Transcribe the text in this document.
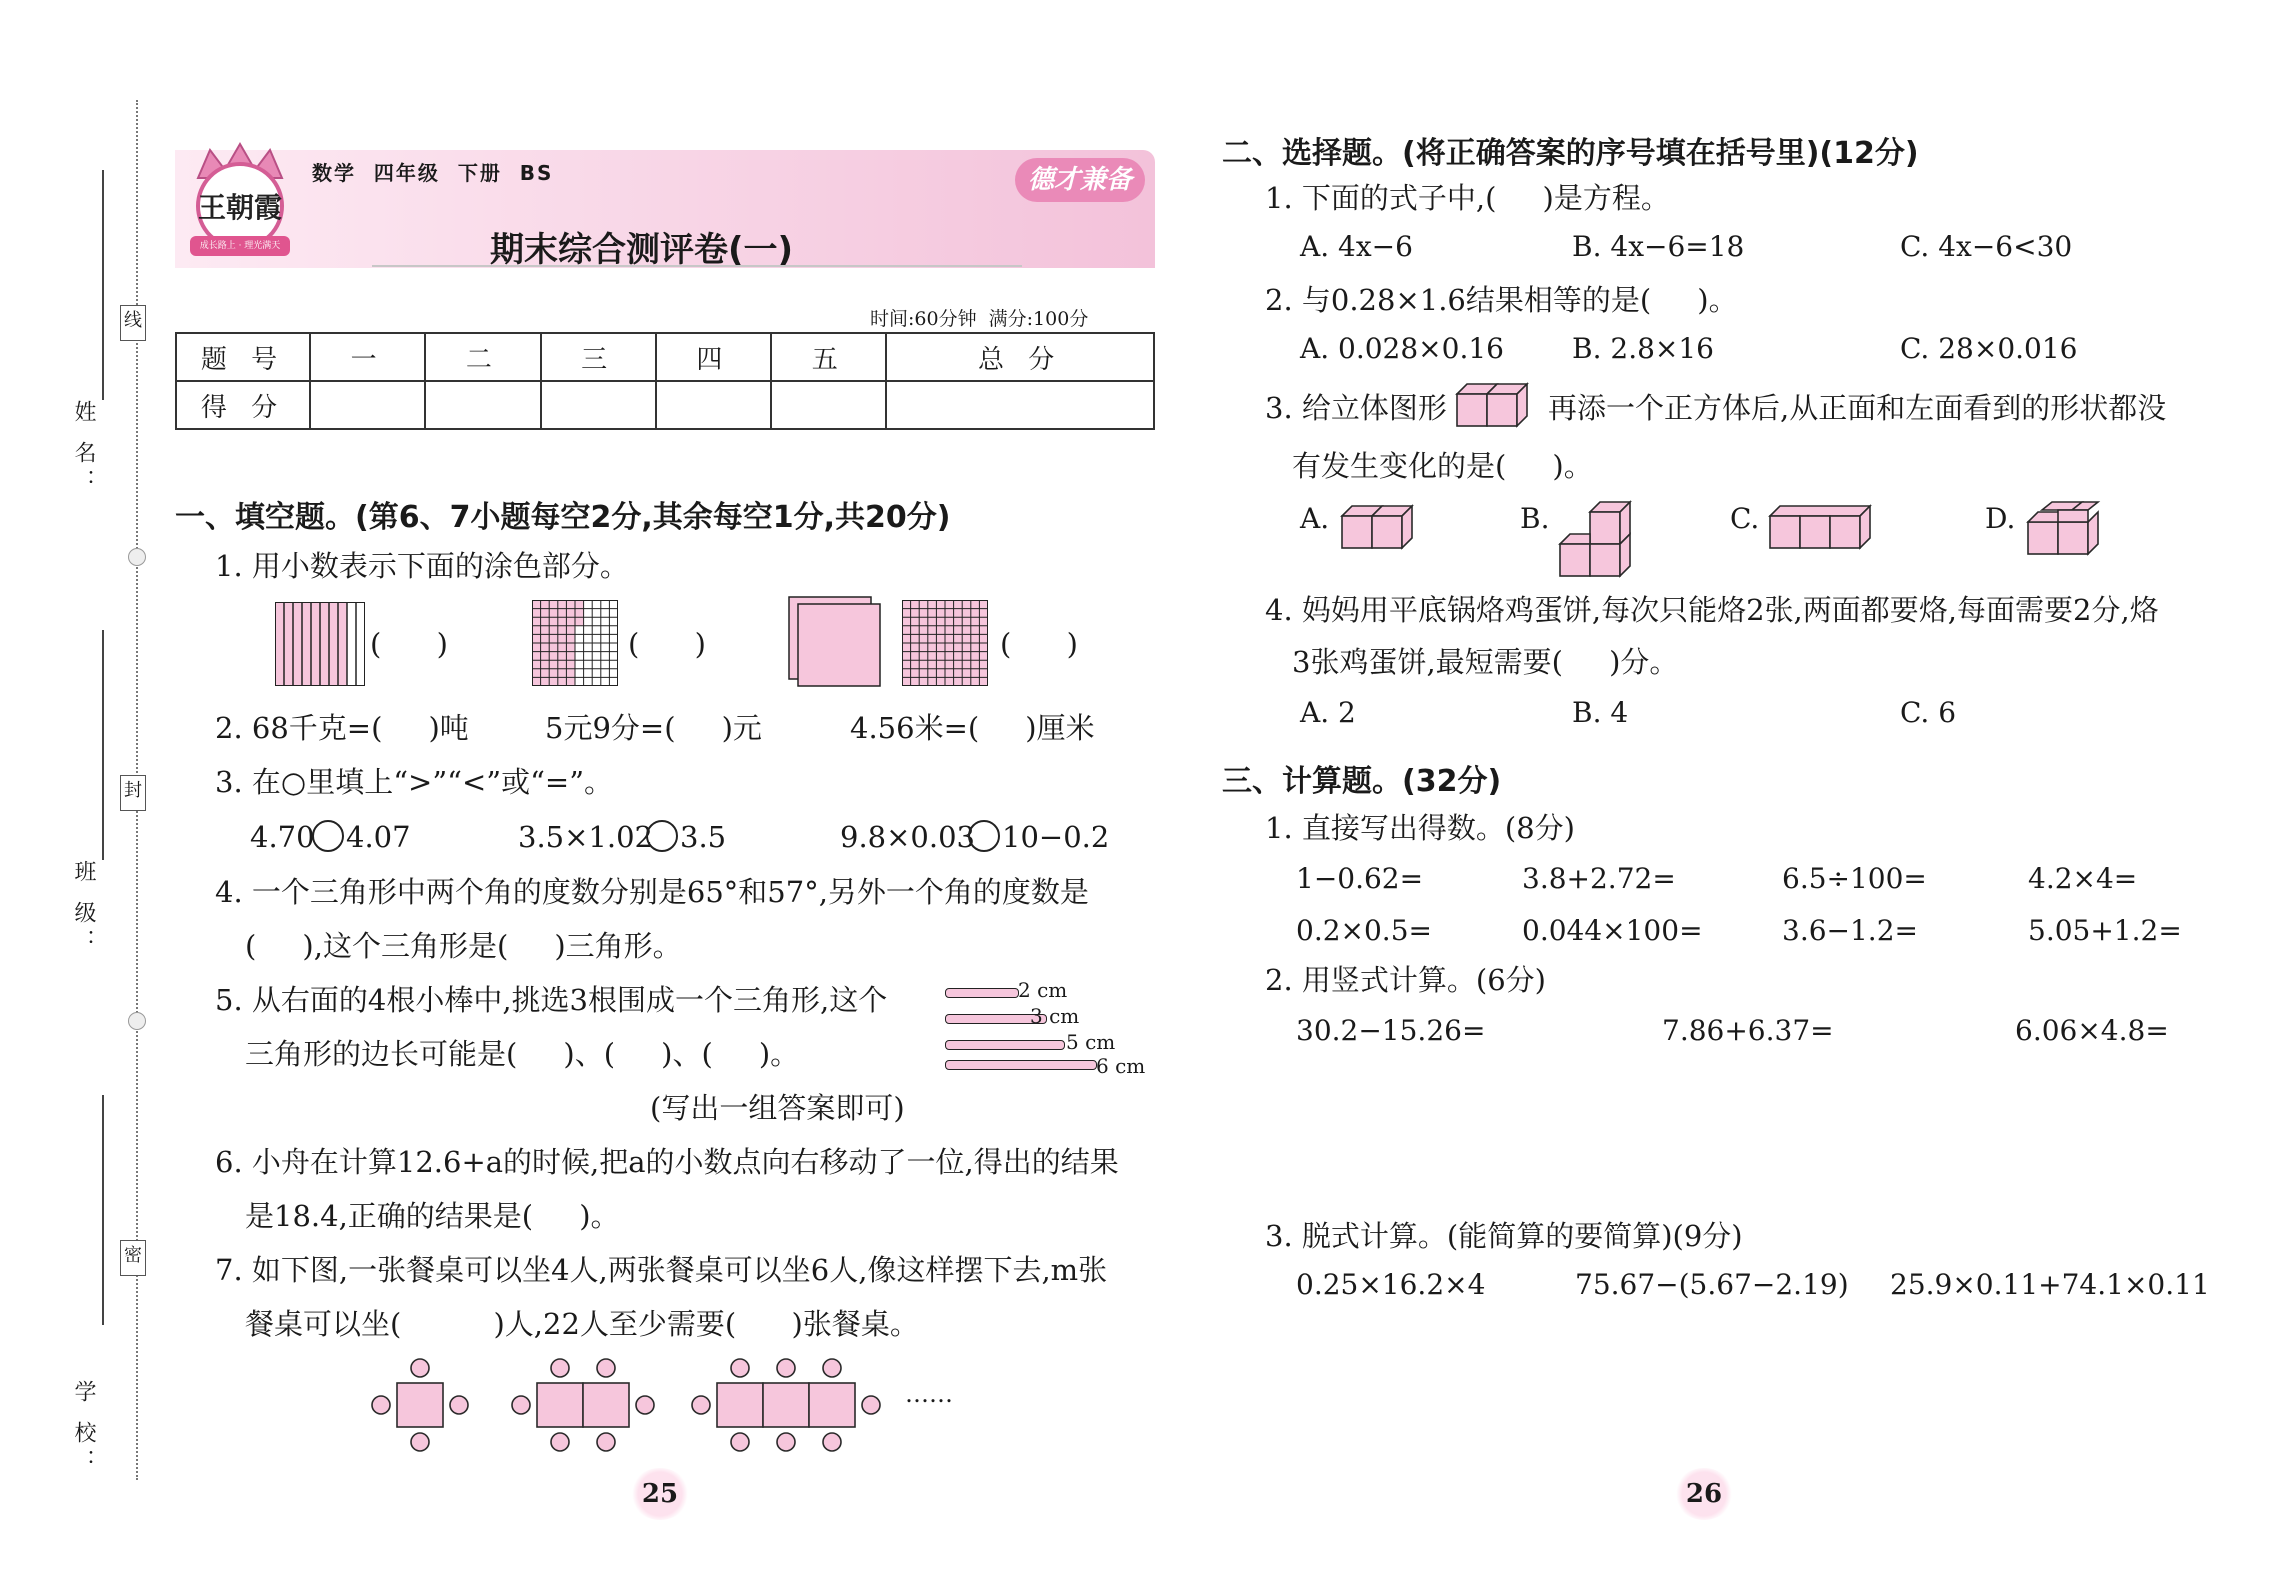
姓 名：
线
班 级：
封
学 校：
密
王朝霞
成长路上 · 理光满天
数学  四年级  下册  BS
期末综合测评卷(一)
德才兼备
时间:60分钟  满分:100分
题 号	一	二	三	四	五	总 分
得 分						
一、填空题。(第6、7小题每空2分,其余每空1分,共20分)
1. 用小数表示下面的涂色部分。
(      )	(      )	(      )
2. 68千克=(     )吨	5元9分=(     )元	4.56米=(     )厘米
3. 在○里填上“>”“<”或“=”。
4.70 4.07	3.5×1.02 3.5	9.8×0.03 10−0.2
4. 一个三角形中两个角的度数分别是65°和57°,另外一个角的度数是
(     ),这个三角形是(     )三角形。
5. 从右面的4根小棒中,挑选3根围成一个三角形,这个
三角形的边长可能是(     )、(     )、(     )。
(写出一组答案即可)
2 cm
3 cm
5 cm
6 cm
6. 小舟在计算12.6+a的时候,把a的小数点向右移动了一位,得出的结果
是18.4,正确的结果是(     )。
7. 如下图,一张餐桌可以坐4人,两张餐桌可以坐6人,像这样摆下去,m张
餐桌可以坐(          )人,22人至少需要(      )张餐桌。
……
25
二、选择题。(将正确答案的序号填在括号里)(12分)
1. 下面的式子中,(     )是方程。
A. 4x−6	B. 4x−6=18	C. 4x−6<30
2. 与0.28×1.6结果相等的是(     )。
A. 0.028×0.16 B. 2.8×16	C. 28×0.016
3. 给立体图形	再添一个正方体后,从正面和左面看到的形状都没
有发生变化的是(     )。
A.	B.	C.	D.
4. 妈妈用平底锅烙鸡蛋饼,每次只能烙2张,两面都要烙,每面需要2分,烙
3张鸡蛋饼,最短需要(     )分。
A. 2	B. 4	C. 6
三、计算题。(32分)
1. 直接写出得数。(8分)
1−0.62=	3.8+2.72=	6.5÷100=	4.2×4=
0.2×0.5=	0.044×100=	3.6−1.2=	5.05+1.2=
2. 用竖式计算。(6分)
30.2−15.26=	7.86+6.37=	6.06×4.8=
3. 脱式计算。(能简算的要简算)(9分)
0.25×16.2×4	75.67−(5.67−2.19) 25.9×0.11+74.1×0.11
26
